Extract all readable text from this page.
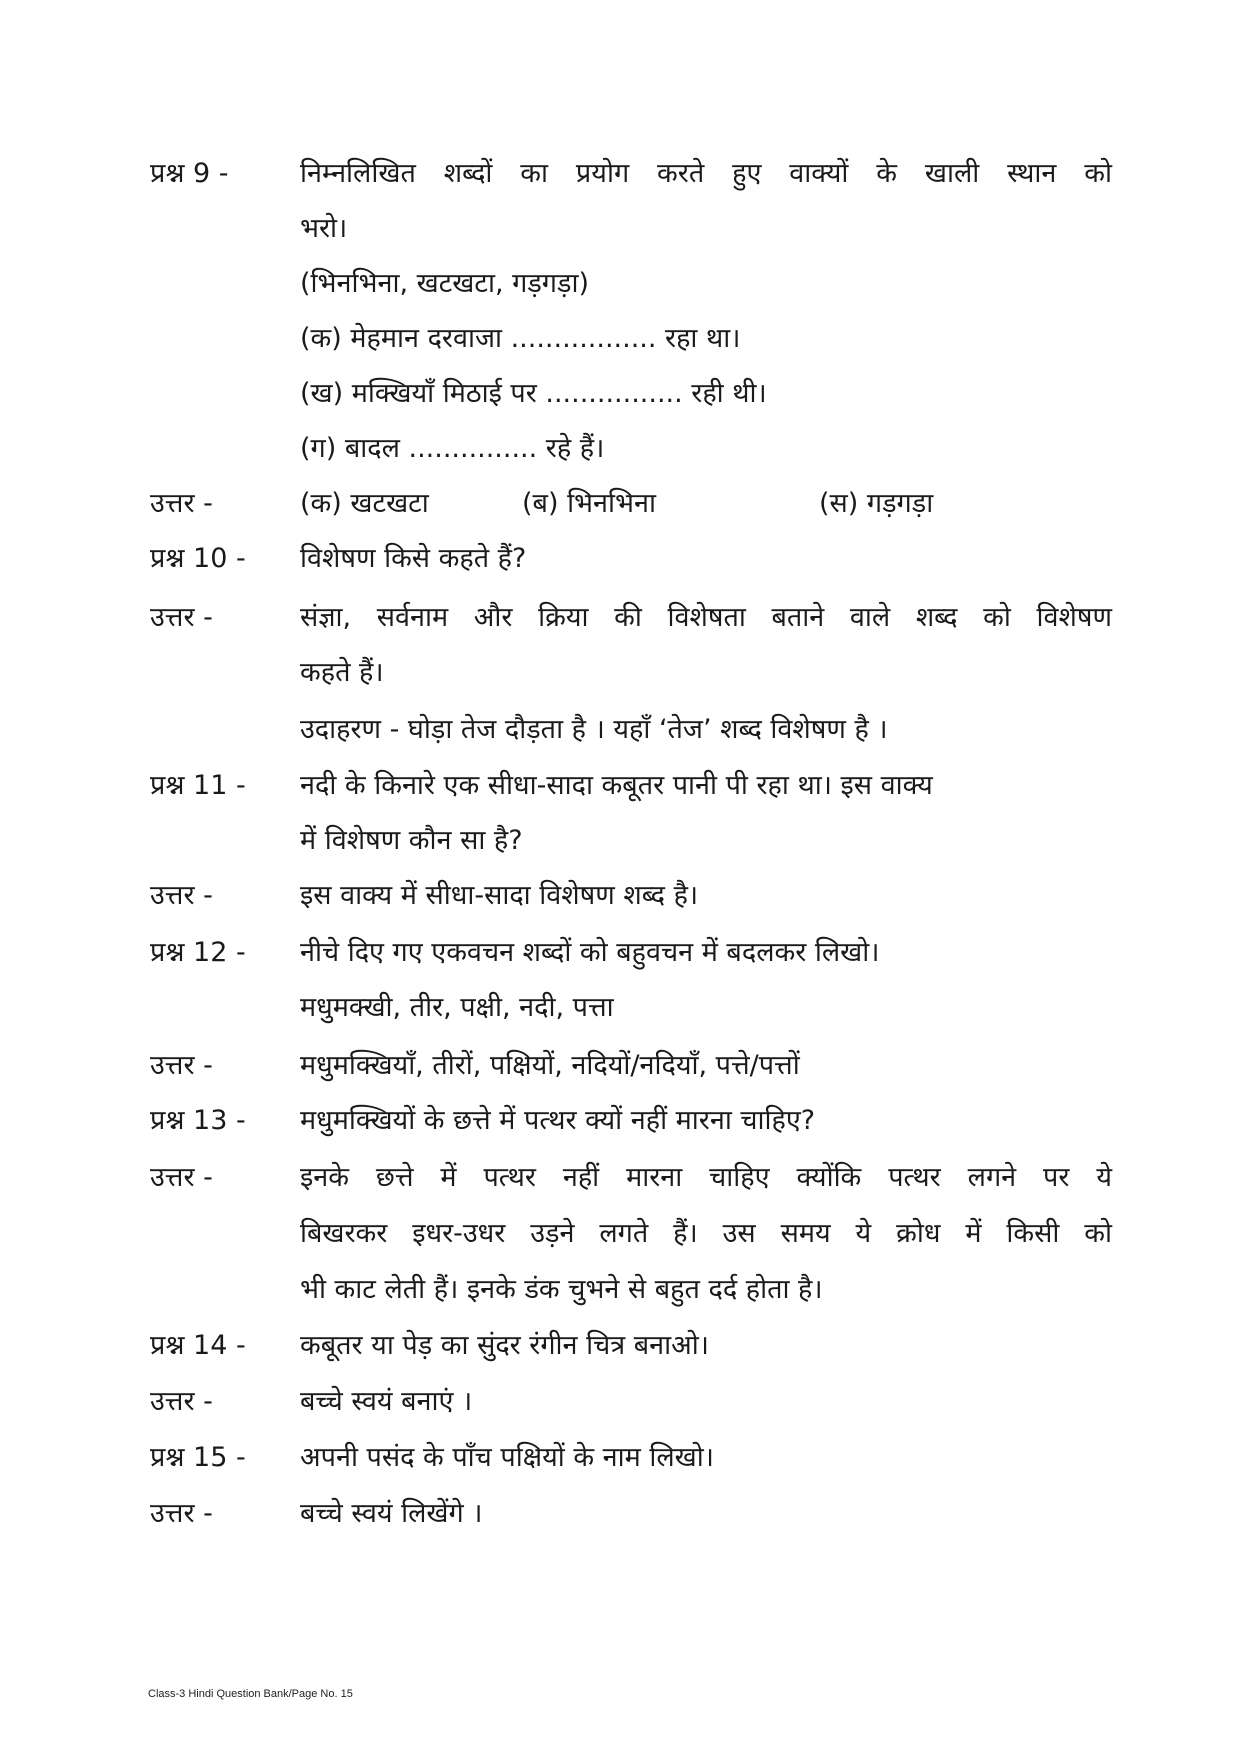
प्रश्न 9 -	निम्नलिखित शब्दों का प्रयोग करते हुए वाक्यों के खाली स्थान को
भरो।
(भिनभिना, खटखटा, गड़गड़ा)
(क) मेहमान दरवाजा ................. रहा था।
(ख) मक्खियाँ मिठाई पर ................ रही थी।
(ग) बादल ............... रहे हैं।
उत्तर -	(क) खटखटा	(ब) भिनभिना	(स) गड़गड़ा
प्रश्न 10 - विशेषण किसे कहते हैं?
उत्तर -	संज्ञा, सर्वनाम और क्रिया की विशेषता बताने वाले शब्द को विशेषण
कहते हैं।
उदाहरण - घोड़ा तेज दौड़ता है । यहाँ ‘तेज’ शब्द विशेषण है ।
प्रश्न 11 - नदी के किनारे एक सीधा-सादा कबूतर पानी पी रहा था। इस वाक्य
में विशेषण कौन सा है?
उत्तर -	इस वाक्य में सीधा-सादा विशेषण शब्द है।
प्रश्न 12 - नीचे दिए गए एकवचन शब्दों को बहुवचन में बदलकर लिखो।
मधुमक्खी, तीर, पक्षी, नदी, पत्ता
उत्तर -	मधुमक्खियाँ, तीरों, पक्षियों, नदियों/नदियाँ, पत्ते/पत्तों
प्रश्न 13 - मधुमक्खियों के छत्ते में पत्थर क्यों नहीं मारना चाहिए?
उत्तर -	इनके छत्ते में पत्थर नहीं मारना चाहिए क्योंकि पत्थर लगने पर ये
बिखरकर इधर-उधर उड़ने लगते हैं। उस समय ये क्रोध में किसी को
भी काट लेती हैं। इनके डंक चुभने से बहुत दर्द होता है।
प्रश्न 14 - कबूतर या पेड़ का सुंदर रंगीन चित्र बनाओ।
उत्तर -	बच्चे स्वयं बनाएं ।
प्रश्न 15 - अपनी पसंद के पाँच पक्षियों के नाम लिखो।
उत्तर -	बच्चे स्वयं लिखेंगे ।
Class-3 Hindi Question Bank/Page No. 15
